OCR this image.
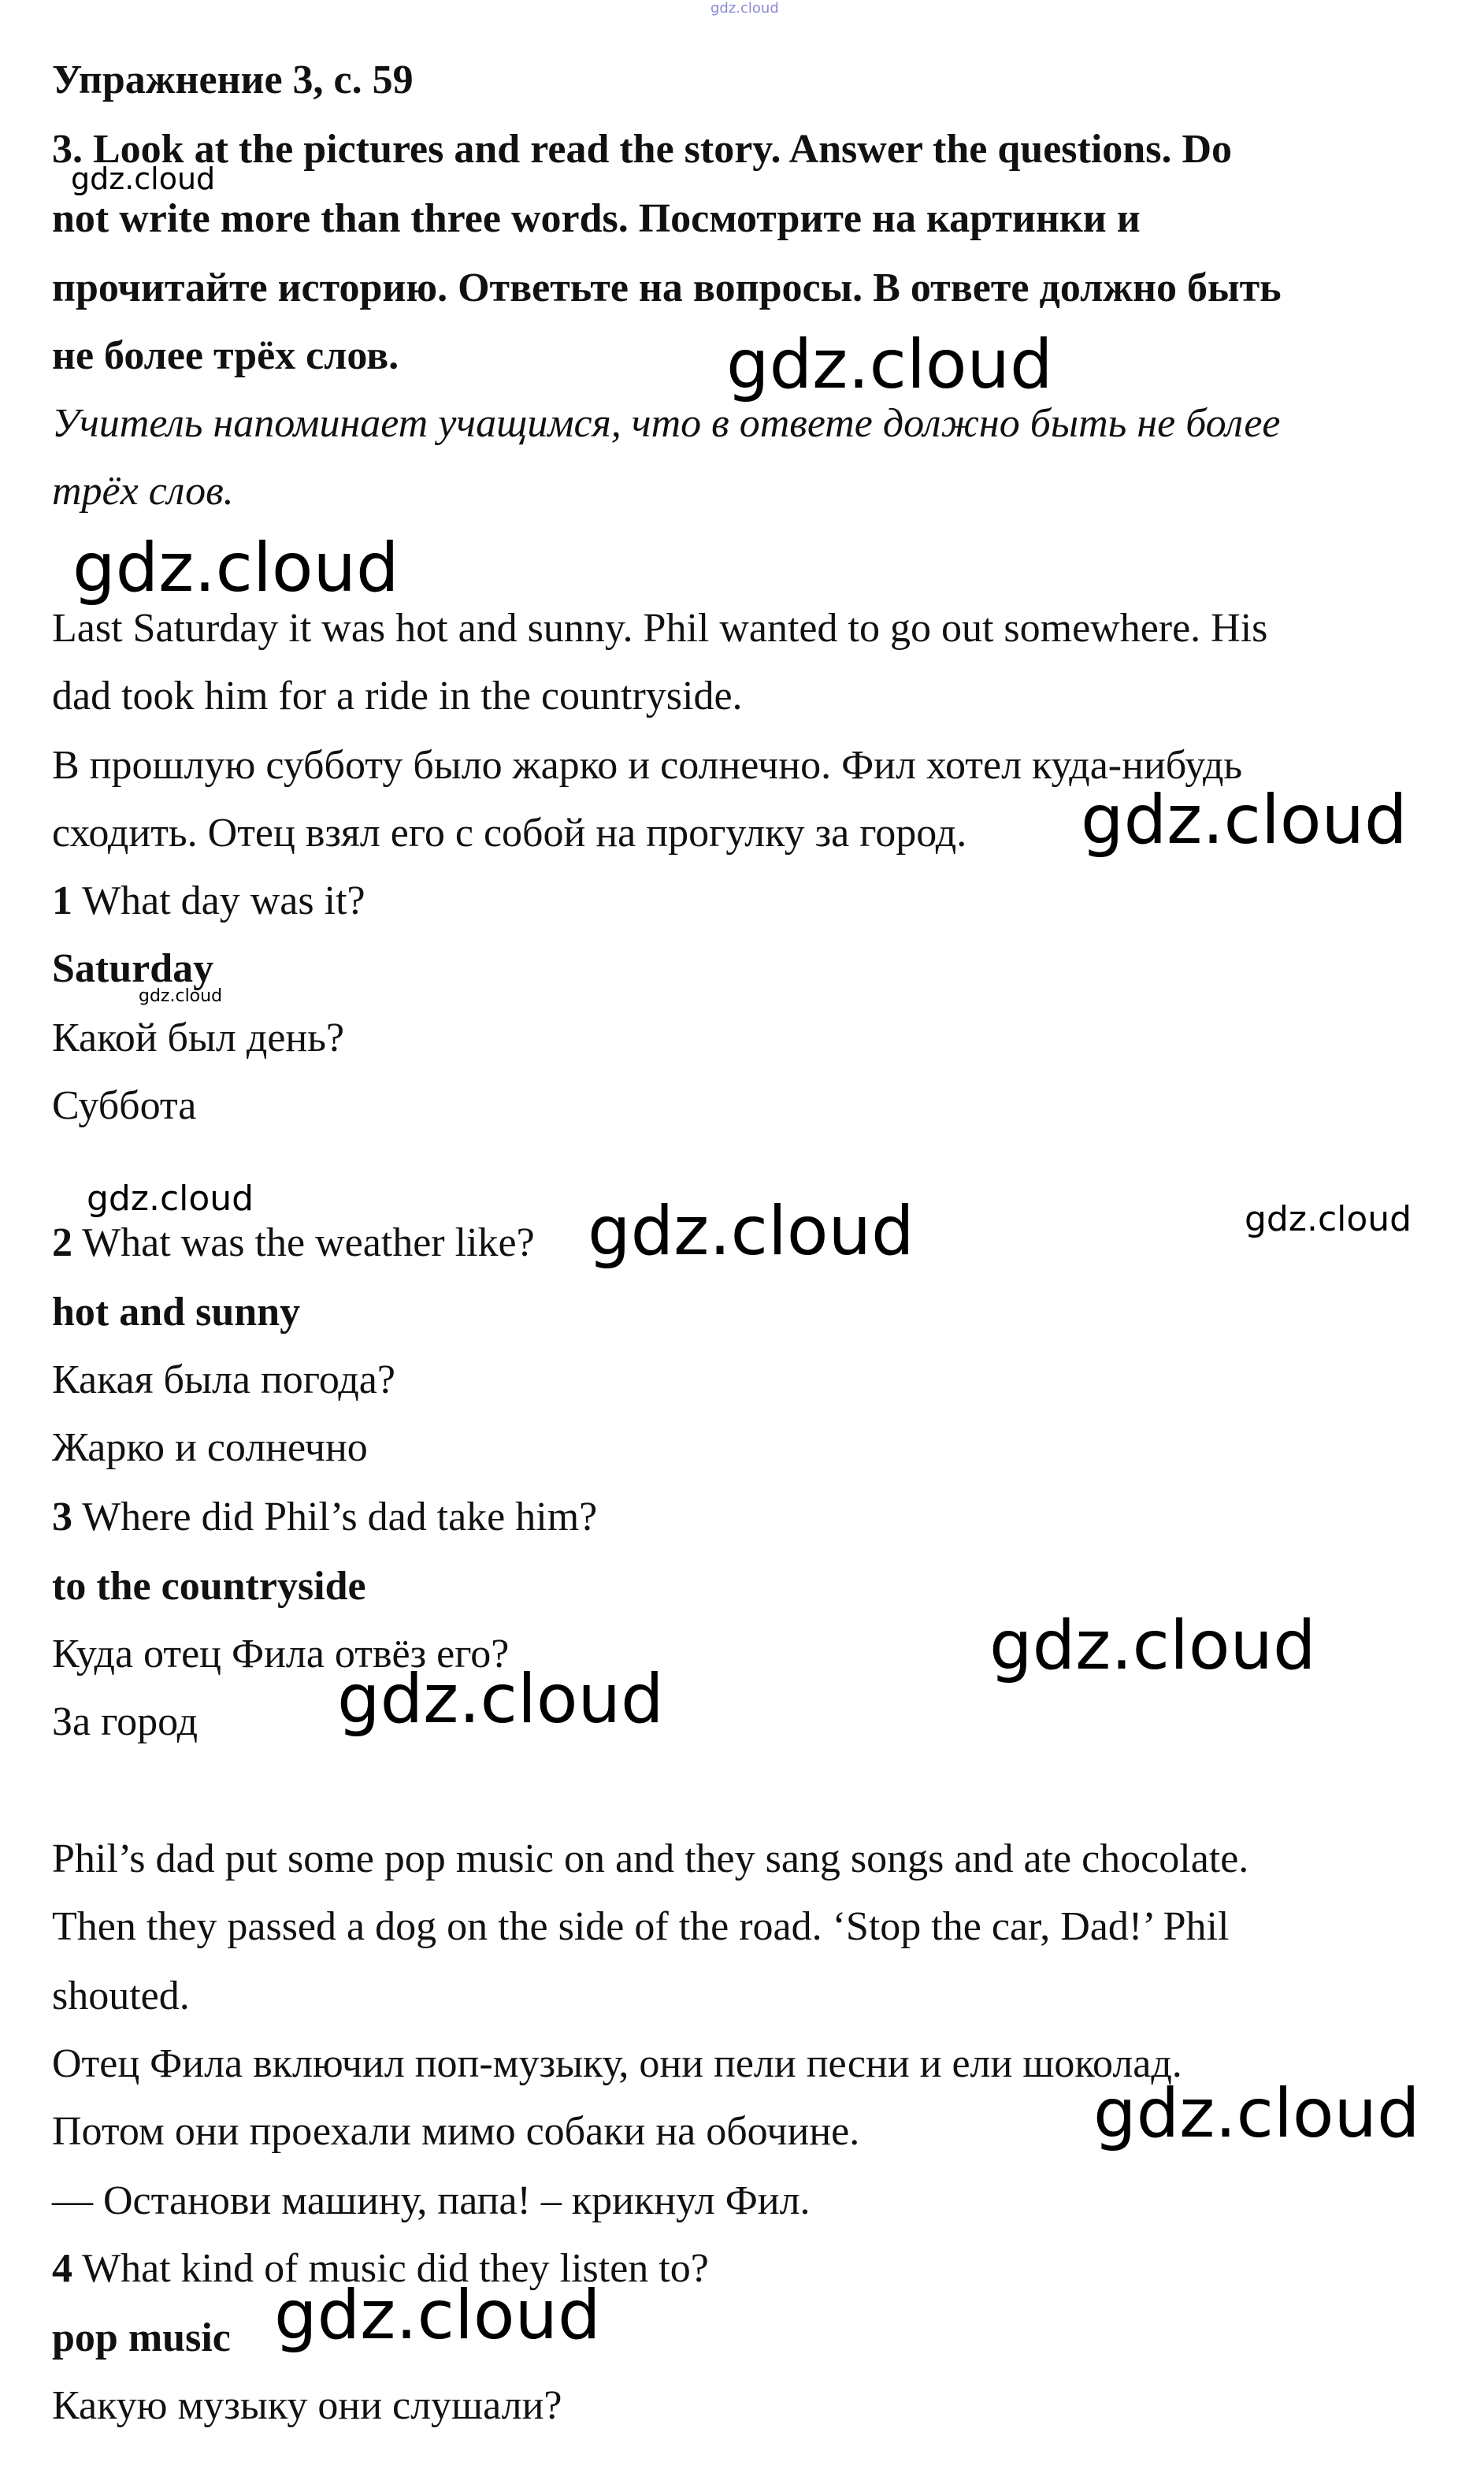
gdz.cloud
Упражнение 3, с. 59
3. Look at the pictures and read the story. Answer the questions. Do
gdz.cloud
not write more than three words. Посмотрите на картинки и
прочитайте историю. Ответьте на вопросы. В ответе должно быть
не более трёх слов.	gdz.cloud
Учитель напоминает учащимся, что в ответе должно быть не более
трёх слов.
gdz.cloud
Last Saturday it was hot and sunny. Phil wanted to go out somewhere. His
dad took him for a ride in the countryside.
В прошлую субботу было жарко и солнечно. Фил хотел куда-нибудь
сходить. Отец взял его с собой на прогулку за город. gdz.cloud
1 What day was it?
Saturday
gdz.cloud
Какой был день?
Суббота
gdz.cloud
gdz.cloud
2 What was the weather like? gdz.cloud
hot and sunny
Какая была погода?
Жарко и солнечно
3 Where did Phil’s dad take him?
to the countryside
Куда отец Фила отвёз его?	gdz.cloud
За город gdz.cloud
Phil’s dad put some pop music on and they sang songs and ate chocolate.
Then they passed a dog on the side of the road. ‘Stop the car, Dad!’ Phil
shouted.
Отец Фила включил поп-музыку, они пели песни и ели шоколад.
Потом они проехали мимо собаки на обочине.	gdz.cloud
— Останови машину, папа! – крикнул Фил.
4 What kind of music did they listen to?
pop music gdz.cloud
Какую музыку они слушали?
